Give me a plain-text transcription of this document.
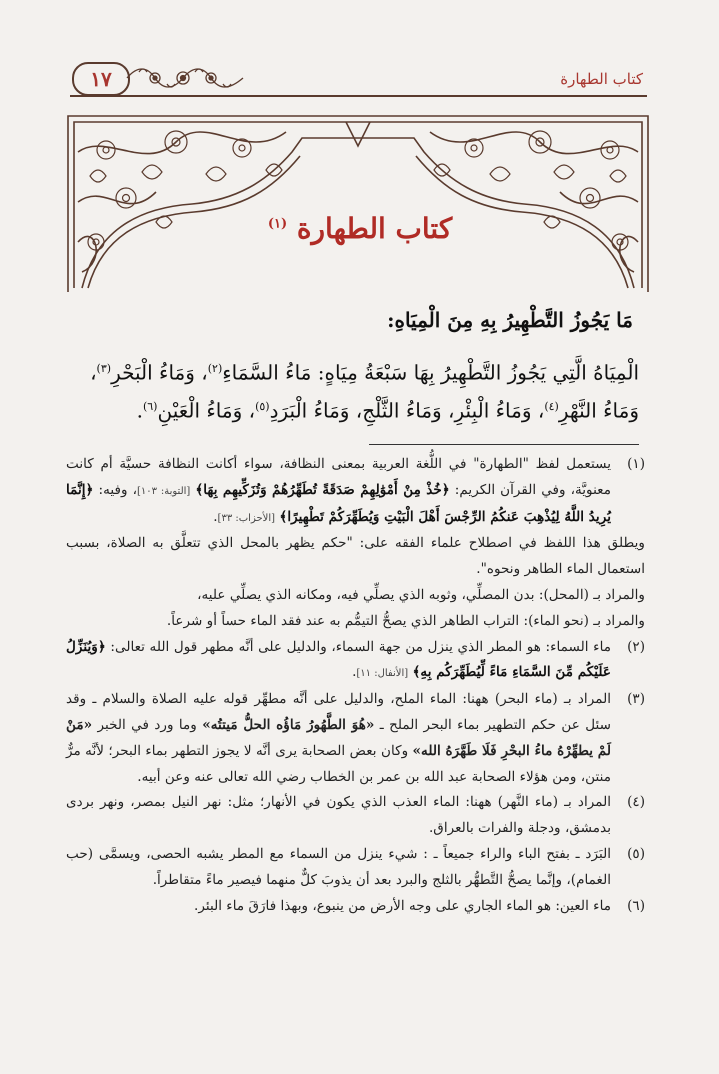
١٧	كتاب الطهارة
كتاب الطهارة $^{(١)}$
مَا يَجُوزُ التَّطْهِيرُ بِهِ مِنَ الْمِيَاهِ:

الْمِيَاهُ الَّتِي يَجُوزُ التَّطْهِيرُ بِهَا سَبْعَةُ مِيَاهٍ: مَاءُ السَّمَاءِ$^{(٢)}$، وَمَاءُ الْبَحْرِ$^{(٣)}$،

وَمَاءُ النَّهْرِ$^{(٤)}$، وَمَاءُ الْبِئْرِ، وَمَاءُ الثَّلْجِ، وَمَاءُ الْبَرَدِ$^{(٥)}$، وَمَاءُ الْعَيْنِ$^{(٦)}$.

(١)

يستعمل لفظ "الطهارة" في اللُّغة العربية بمعنى النظافة، سواء أكانت النظافة حسيَّة أم كانت معنويَّة، وفي القرآن الكريم: ﴿خُذْ مِنْ أَمْوَٰلِهِمْ صَدَقَةً تُطَهِّرُهُمْ وَتُزَكِّيهِم بِهَا﴾ [التوبة: ١٠٣]، وفيه: ﴿إِنَّمَا يُرِيدُ اللَّهُ لِيُذْهِبَ عَنكُمُ الرِّجْسَ أَهْلَ الْبَيْتِ وَيُطَهِّرَكُمْ تَطْهِيرًا﴾ [الأحزاب: ٣٣].

ويطلق هذا اللفظ في اصطلاح علماء الفقه على: "حكم يظهر بالمحل الذي تتعلَّق به الصلاة، بسبب استعمال الماء الطاهر ونحوه".

والمراد بـ (المحل): بدن المصلِّي، وثوبه الذي يصلِّي فيه، ومكانه الذي يصلِّي عليه،

والمراد بـ (نحو الماء): التراب الطاهر الذي يصحُّ التيمُّم به عند فقد الماء حساً أو شرعاً.

(٢)

ماء السماء: هو المطر الذي ينزل من جهة السماء، والدليل على أنَّه مطهر قول الله تعالى: ﴿وَيُنَزِّلُ عَلَيْكُم مِّنَ السَّمَاءِ مَاءً لِّيُطَهِّرَكُم بِهِ﴾ [الأنفال: ١١].

(٣)

المراد بـ (ماء البحر) ههنا: الماء الملح، والدليل على أنَّه مطهِّر قوله عليه الصلاة والسلام ـ وقد سئل عن حكم التطهير بماء البحر الملح ـ «هُوَ الطَّهُورُ مَاؤُه الحلُّ مَيتتُه» وما ورد في الخبر «مَنْ لَمْ يطهِّرْهُ ماءُ البحْرِ فَلَا طَهَّرَهُ الله» وكان بعض الصحابة يرى أنَّه لا يجوز التطهر بماء البحر؛ لأنَّه مرٌّ منتن، ومن هؤلاء الصحابة عبد الله بن عمر بن الخطاب رضي الله تعالى عنه وعن أبيه.

(٤)

المراد بـ (ماء النَّهر) ههنا: الماء العذب الذي يكون في الأنهار؛ مثل: نهر النيل بمصر، ونهر بردى بدمشق، ودجلة والفرات بالعراق.

(٥)

البَرَد ـ بفتح الباء والراء جميعاً ـ : شيء ينزل من السماء مع المطر يشبه الحصى، ويسمَّى (حب الغمام)، وإنَّما يصحُّ التَّطهُّر بالثلج والبرد بعد أن يذوبَ كلٌّ منهما فيصير ماءً متقاطراً.

(٦)

ماء العين: هو الماء الجاري على وجه الأرض من ينبوع، وبهذا فارَقَ ماء البئر.
